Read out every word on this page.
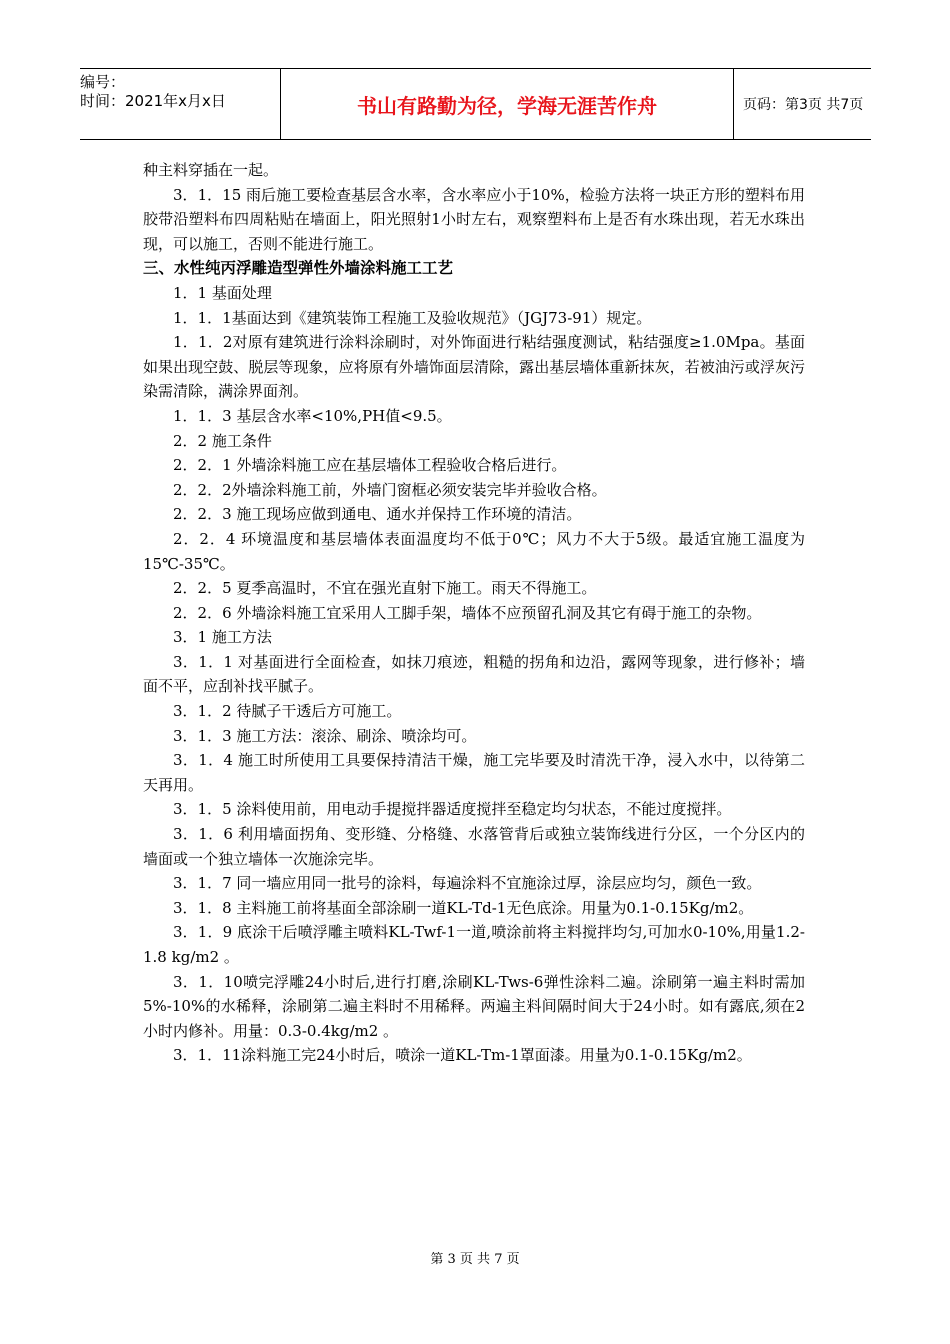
编号：
时间：2021年x月x日	书山有路勤为径，学海无涯苦作舟	页码：第3页 共7页

种主料穿插在一起。

3．1．15 雨后施工要检查基层含水率，含水率应小于10%，检验方法将一块正方形的塑料布用胶带沿塑料布四周粘贴在墙面上，阳光照射1小时左右，观察塑料布上是否有水珠出现，若无水珠出现，可以施工，否则不能进行施工。

三、水性纯丙浮雕造型弹性外墙涂料施工工艺

1．1 基面处理

1．1．1基面达到《建筑装饰工程施工及验收规范》（JGJ73-91）规定。

1．1．2对原有建筑进行涂料涂刷时，对外饰面进行粘结强度测试，粘结强度≥1.0Mpa。基面如果出现空鼓、脱层等现象，应将原有外墙饰面层清除，露出基层墙体重新抹灰，若被油污或浮灰污染需清除，满涂界面剂。

1．1．3 基层含水率<10%,PH值<9.5。

2．2 施工条件

2．2．1 外墙涂料施工应在基层墙体工程验收合格后进行。

2．2．2外墙涂料施工前，外墙门窗框必须安装完毕并验收合格。

2．2．3 施工现场应做到通电、通水并保持工作环境的清洁。

2．2．4 环境温度和基层墙体表面温度均不低于0℃；风力不大于5级。最适宜施工温度为15℃-35℃。

2．2．5 夏季高温时，不宜在强光直射下施工。雨天不得施工。

2．2．6 外墙涂料施工宜采用人工脚手架，墙体不应预留孔洞及其它有碍于施工的杂物。

3．1 施工方法

3．1．1 对基面进行全面检查，如抹刀痕迹，粗糙的拐角和边沿，露网等现象，进行修补；墙面不平，应刮补找平腻子。

3．1．2 待腻子干透后方可施工。

3．1．3 施工方法：滚涂、刷涂、喷涂均可。

3．1．4 施工时所使用工具要保持清洁干燥，施工完毕要及时清洗干净，浸入水中，以待第二天再用。

3．1．5 涂料使用前，用电动手提搅拌器适度搅拌至稳定均匀状态，不能过度搅拌。

3．1．6 利用墙面拐角、变形缝、分格缝、水落管背后或独立装饰线进行分区，一个分区内的墙面或一个独立墙体一次施涂完毕。

3．1．7 同一墙应用同一批号的涂料，每遍涂料不宜施涂过厚，涂层应均匀，颜色一致。

3．1．8 主料施工前将基面全部涂刷一道KL-Td-1无色底涂。用量为0.1-0.15Kg/m2。

3．1．9 底涂干后喷浮雕主喷料KL-Twf-1一道,喷涂前将主料搅拌均匀,可加水0-10%,用量1.2-1.8 kg/m2 。

3．1．10喷完浮雕24小时后,进行打磨,涂刷KL-Tws-6弹性涂料二遍。涂刷第一遍主料时需加5%-10%的水稀释，涂刷第二遍主料时不用稀释。两遍主料间隔时间大于24小时。如有露底,须在2小时内修补。用量：0.3-0.4kg/m2 。

3．1．11涂料施工完24小时后，喷涂一道KL-Tm-1罩面漆。用量为0.1-0.15Kg/m2。

第 3 页 共 7 页
